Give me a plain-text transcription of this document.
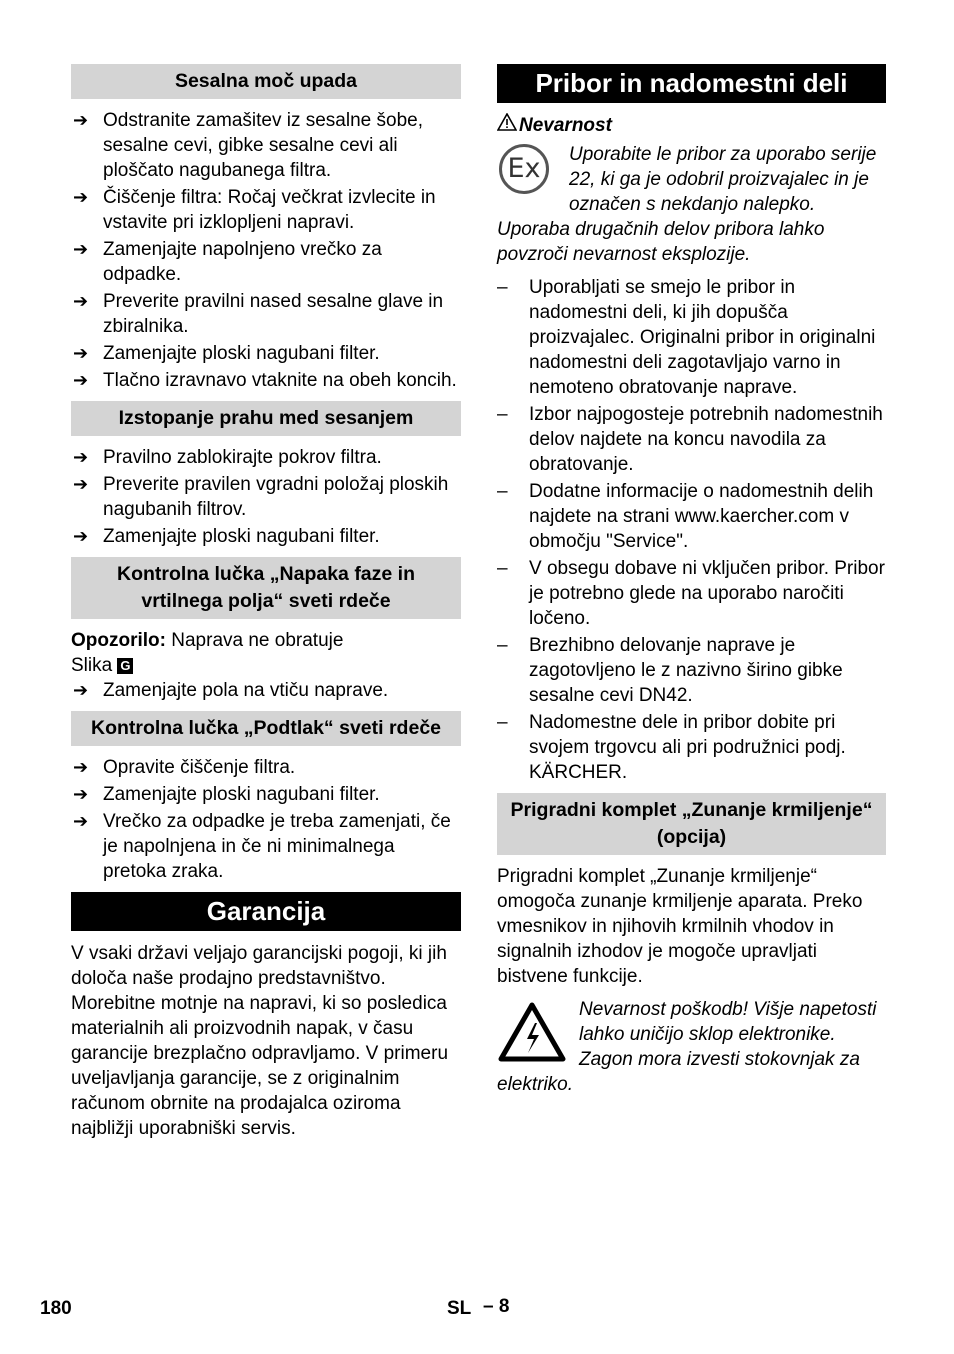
Sesalna moč upada
➔ Odstranite zamašitev iz sesalne šobe, sesalne cevi, gibke sesalne cevi ali ploščato nagubanega filtra.
➔ Čiščenje filtra: Ročaj večkrat izvlecite in vstavite pri izklopljeni napravi.
➔ Zamenjajte napolnjeno vrečko za odpadke.
➔ Preverite pravilni nased sesalne glave in zbiralnika.
➔ Zamenjajte ploski nagubani filter.
➔ Tlačno izravnavo vtaknite na obeh koncih.
Izstopanje prahu med sesanjem
➔ Pravilno zablokirajte pokrov filtra.
➔ Preverite pravilen vgradni položaj ploskih nagubanih filtrov.
➔ Zamenjajte ploski nagubani filter.
Kontrolna lučka „Napaka faze in vrtilnega polja“ sveti rdeče

Opozorilo: Naprava ne obratuje

Slika G

➔ Zamenjajte pola na vtiču naprave.
Kontrolna lučka „Podtlak“ sveti rdeče
➔ Opravite čiščenje filtra.
➔ Zamenjajte ploski nagubani filter.
➔ Vrečko za odpadke je treba zamenjati, če je napolnjena in če ni minimalnega pretoka zraka.
Garancija

V vsaki državi veljajo garancijski pogoji, ki jih določa naše prodajno predstavništvo. Morebitne motnje na napravi, ki so posledica materialnih ali proizvodnih napak, v času garancije brezplačno odpravljamo. V primeru uveljavljanja garancije, se z originalnim računom obrnite na prodajalca oziroma najbližji uporabniški servis.

Pribor in nadomestni deli

Nevarnost

Ex	Uporabite le pribor za uporabo serije 22, ki ga je odobril proizvajalec in je označen s nekdanjo nalepko.

Uporaba drugačnih delov pribora lahko povzroči nevarnost eksplozije.

– Uporabljati se smejo le pribor in nadomestni deli, ki jih dopušča proizvajalec. Originalni pribor in originalni nadomestni deli zagotavljajo varno in nemoteno obratovanje naprave.
– Izbor najpogosteje potrebnih nadomestnih delov najdete na koncu navodila za obratovanje.
– Dodatne informacije o nadomestnih delih najdete na strani www.kaercher.com v območju "Service".
– V obsegu dobave ni vključen pribor. Pribor je potrebno glede na uporabo naročiti ločeno.
– Brezhibno delovanje naprave je zagotovljeno le z nazivno širino gibke sesalne cevi DN42.
– Nadomestne dele in pribor dobite pri svojem trgovcu ali pri podružnici podj. KÄRCHER.
Prigradni komplet „Zunanje krmiljenje“ (opcija)

Prigradni komplet „Zunanje krmiljenje“ omogoča zunanje krmiljenje aparata. Preko vmesnikov in njihovih krmilnih vhodov in signalnih izhodov je mogoče upravljati bistvene funkcije.

Nevarnost poškodb! Višje napetosti lahko uničijo sklop elektronike. Zagon mora izvesti stokovnjak za elektriko.

180	SL – 8
